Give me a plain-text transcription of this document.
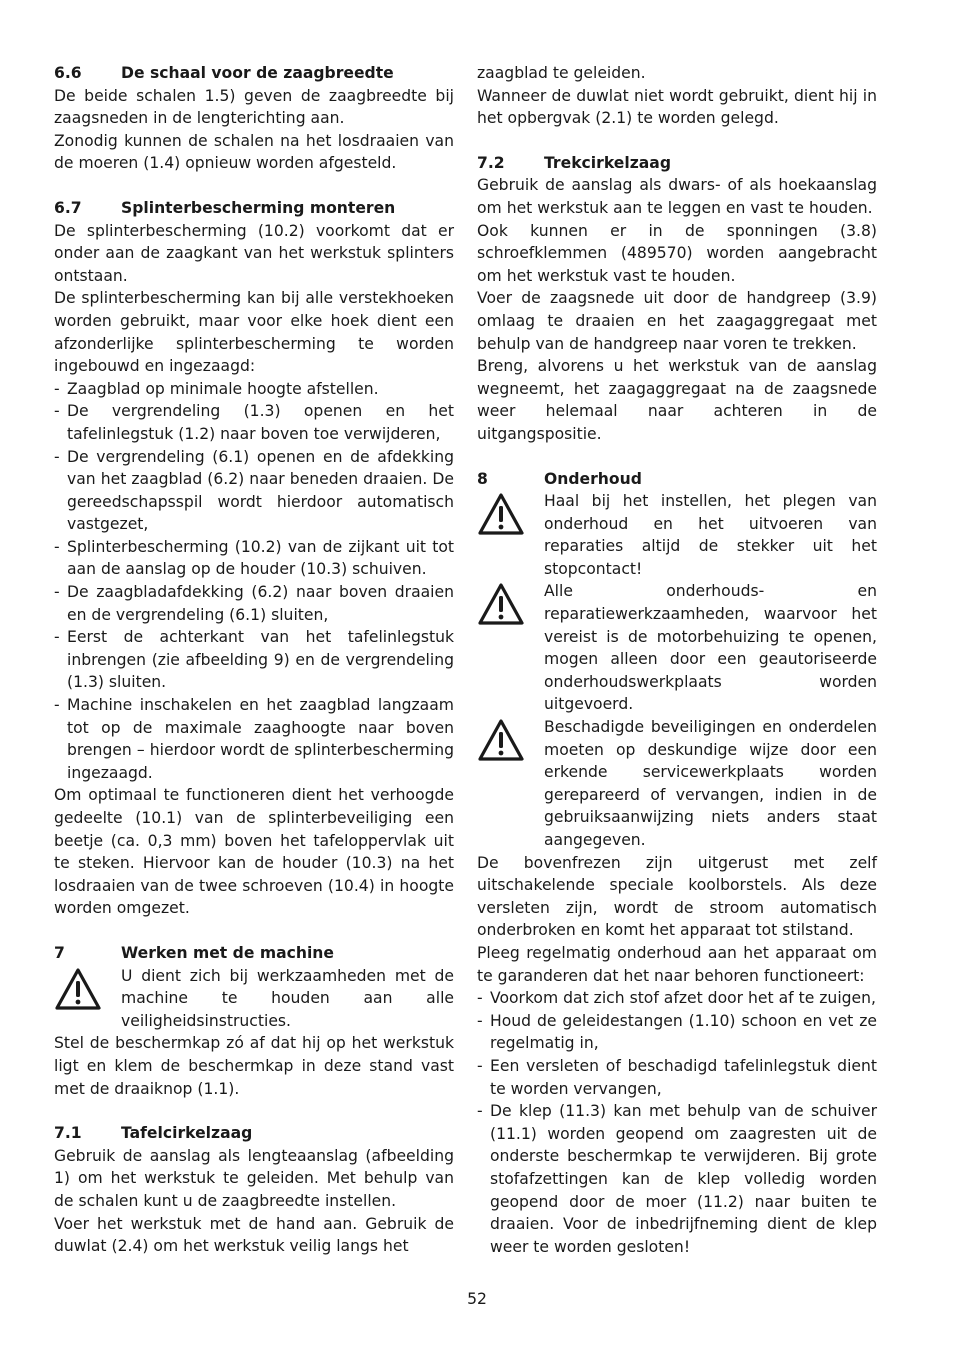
6.6	De schaal voor de zaagbreedte

De beide schalen 1.5) geven de zaagbreedte bij zaagsneden in de lengterichting aan.

Zonodig kunnen de schalen na het losdraaien van de moeren (1.4) opnieuw worden afgesteld.

6.7	Splinterbescherming monteren

De splinterbescherming (10.2) voorkomt dat er onder aan de zaagkant van het werkstuk splinters ontstaan.

De splinterbescherming kan bij alle verstekhoeken worden gebruikt, maar voor elke hoek dient een afzonderlijke splinterbescherming te worden ingebouwd en ingezaagd:

- Zaagblad op minimale hoogte afstellen.
- De vergrendeling (1.3) openen en het tafelinlegstuk (1.2) naar boven toe verwijderen,
- De vergrendeling (6.1) openen en de afdekking van het zaagblad (6.2) naar beneden draaien. De gereedschapsspil wordt hierdoor automatisch vastgezet,
- Splinterbescherming (10.2) van de zijkant uit tot aan de aanslag op de houder (10.3) schuiven.
- De zaagbladafdekking (6.2) naar boven draaien en de vergrendeling (6.1) sluiten,
- Eerst de achterkant van het tafelinlegstuk inbrengen (zie afbeelding 9) en de vergrendeling (1.3) sluiten.
- Machine inschakelen en het zaagblad langzaam tot op de maximale zaaghoogte naar boven brengen – hierdoor wordt de splinterbescherming ingezaagd.

Om optimaal te functioneren dient het verhoogde gedeelte (10.1) van de splinterbeveiliging een beetje (ca. 0,3 mm) boven het tafeloppervlak uit te steken. Hiervoor kan de houder (10.3) na het losdraaien van de twee schroeven (10.4) in hoogte worden omgezet.

7	Werken met de machine
U dient zich bij werkzaamheden met de machine te houden aan alle veiligheidsinstructies.

Stel de beschermkap zó af dat hij op het werkstuk ligt en klem de beschermkap in deze stand vast met de draaiknop (1.1).

7.1	Tafelcirkelzaag

Gebruik de aanslag als lengteaanslag (afbeelding 1) om het werkstuk te geleiden. Met behulp van de schalen kunt u de zaagbreedte instellen.

Voer het werkstuk met de hand aan. Gebruik de duwlat (2.4) om het werkstuk veilig langs het

zaagblad te geleiden.

Wanneer de duwlat niet wordt gebruikt, dient hij in het opbergvak (2.1) te worden gelegd.

7.2	Trekcirkelzaag

Gebruik de aanslag als dwars- of als hoekaanslag om het werkstuk aan te leggen en vast te houden.

Ook kunnen er in de sponningen (3.8) schroefklemmen (489570) worden aangebracht om het werkstuk vast te houden.

Voer de zaagsnede uit door de handgreep (3.9) omlaag te draaien en het zaagaggregaat met behulp van de handgreep naar voren te trekken.

Breng, alvorens u het werkstuk van de aanslag wegneemt, het zaagaggregaat na de zaagsnede weer helemaal naar achteren in de uitgangspositie.

8	Onderhoud
Haal bij het instellen, het plegen van onderhoud en het uitvoeren van reparaties altijd de stekker uit het stopcontact!
Alle onderhouds- en reparatiewerkzaamheden, waarvoor het vereist is de motorbehuizing te openen, mogen alleen door een geautoriseerde onderhoudswerkplaats worden uitgevoerd.
Beschadigde beveiligingen en onderdelen moeten op deskundige wijze door een erkende servicewerkplaats worden gerepareerd of vervangen, indien in de gebruiksaanwijzing niets anders staat aangegeven.

De bovenfrezen zijn uitgerust met zelf uitschakelende speciale koolborstels. Als deze versleten zijn, wordt de stroom automatisch onderbroken en komt het apparaat tot stilstand.

Pleeg regelmatig onderhoud aan het apparaat om te garanderen dat het naar behoren functioneert:

- Voorkom dat zich stof afzet door het af te zuigen,
- Houd de geleidestangen (1.10) schoon en vet ze regelmatig in,
- Een versleten of beschadigd tafelinlegstuk dient te worden vervangen,
- De klep (11.3) kan met behulp van de schuiver (11.1) worden geopend om zaagresten uit de onderste beschermkap te verwijderen. Bij grote stofafzettingen kan de klep volledig worden geopend door de moer (11.2) naar buiten te draaien. Voor de inbedrijfneming dient de klep weer te worden gesloten!
52
